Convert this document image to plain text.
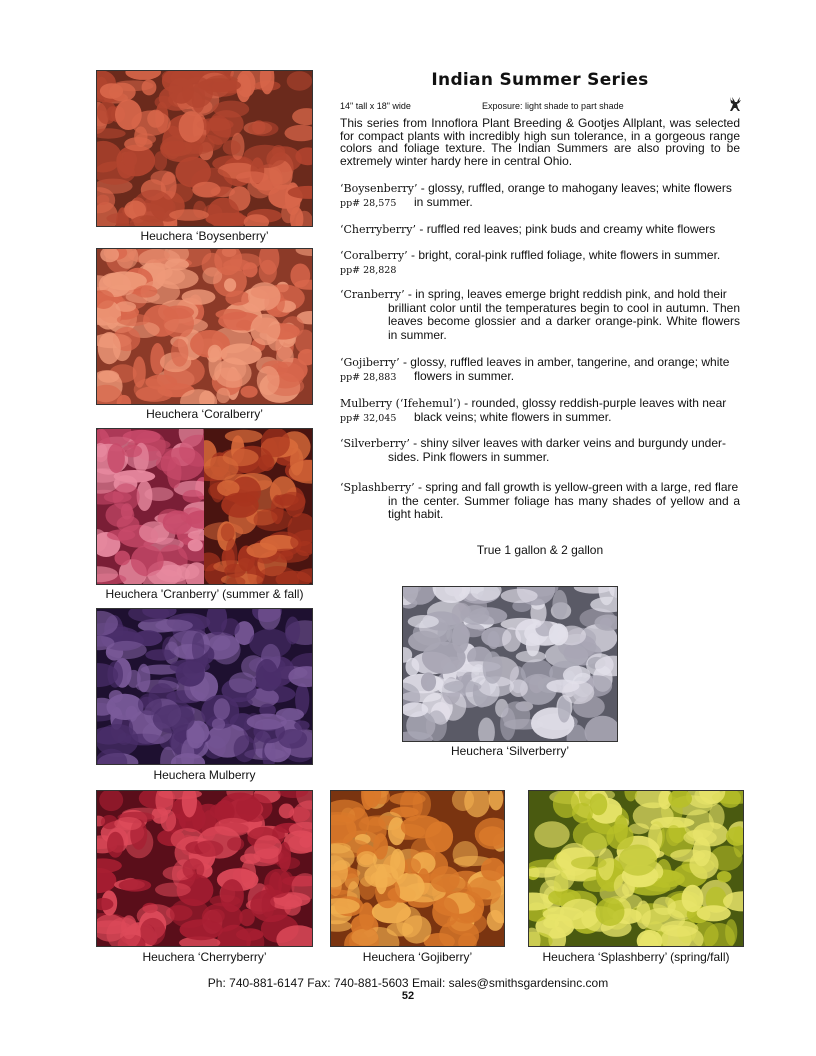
Heuchera ‘Boysenberry’
Heuchera ‘Coralberry’
Heuchera 'Cranberry’ (summer & fall)
Heuchera Mulberry
Heuchera ‘Silverberry’
Heuchera ‘Cherryberry’	Heuchera ‘Gojiberry’	Heuchera ‘Splashberry’ (spring/fall)
Indian Summer Series
14" tall x 18" wide	Exposure: light shade to part shade
This series from Innoflora Plant Breeding & Gootjes Allplant, was selected for compact plants with incredibly high sun tolerance, in a gorgeous range colors and foliage texture. The Indian Summers are also proving to be extremely winter hardy here in central Ohio.
‘Boysenberry’ - glossy, ruffled, orange to mahogany leaves; white flowers
pp# 28,575 in summer.
‘Cherryberry’ - ruffled red leaves; pink buds and creamy white flowers
‘Coralberry’ - bright, coral-pink ruffled foliage, white flowers in summer.
pp# 28,828
‘Cranberry’ - in spring, leaves emerge bright reddish pink, and hold their
brilliant color until the temperatures begin to cool in autumn. Then leaves become glossier and a darker orange-pink. White flowers in summer.
‘Gojiberry’ - glossy, ruffled leaves in amber, tangerine, and orange; white
pp# 28,883 flowers in summer.
Mulberry (‘Ifehemul’) - rounded, glossy reddish-purple leaves with near
pp# 32,045 black veins; white flowers in summer.
‘Silverberry’ - shiny silver leaves with darker veins and burgundy under-
sides. Pink flowers in summer.
‘Splashberry’ - spring and fall growth is yellow-green with a large, red flare
in the center. Summer foliage has many shades of yellow and a tight habit.
True 1 gallon & 2 gallon
Ph: 740-881-6147 Fax: 740-881-5603 Email: sales@smithsgardensinc.com
52
